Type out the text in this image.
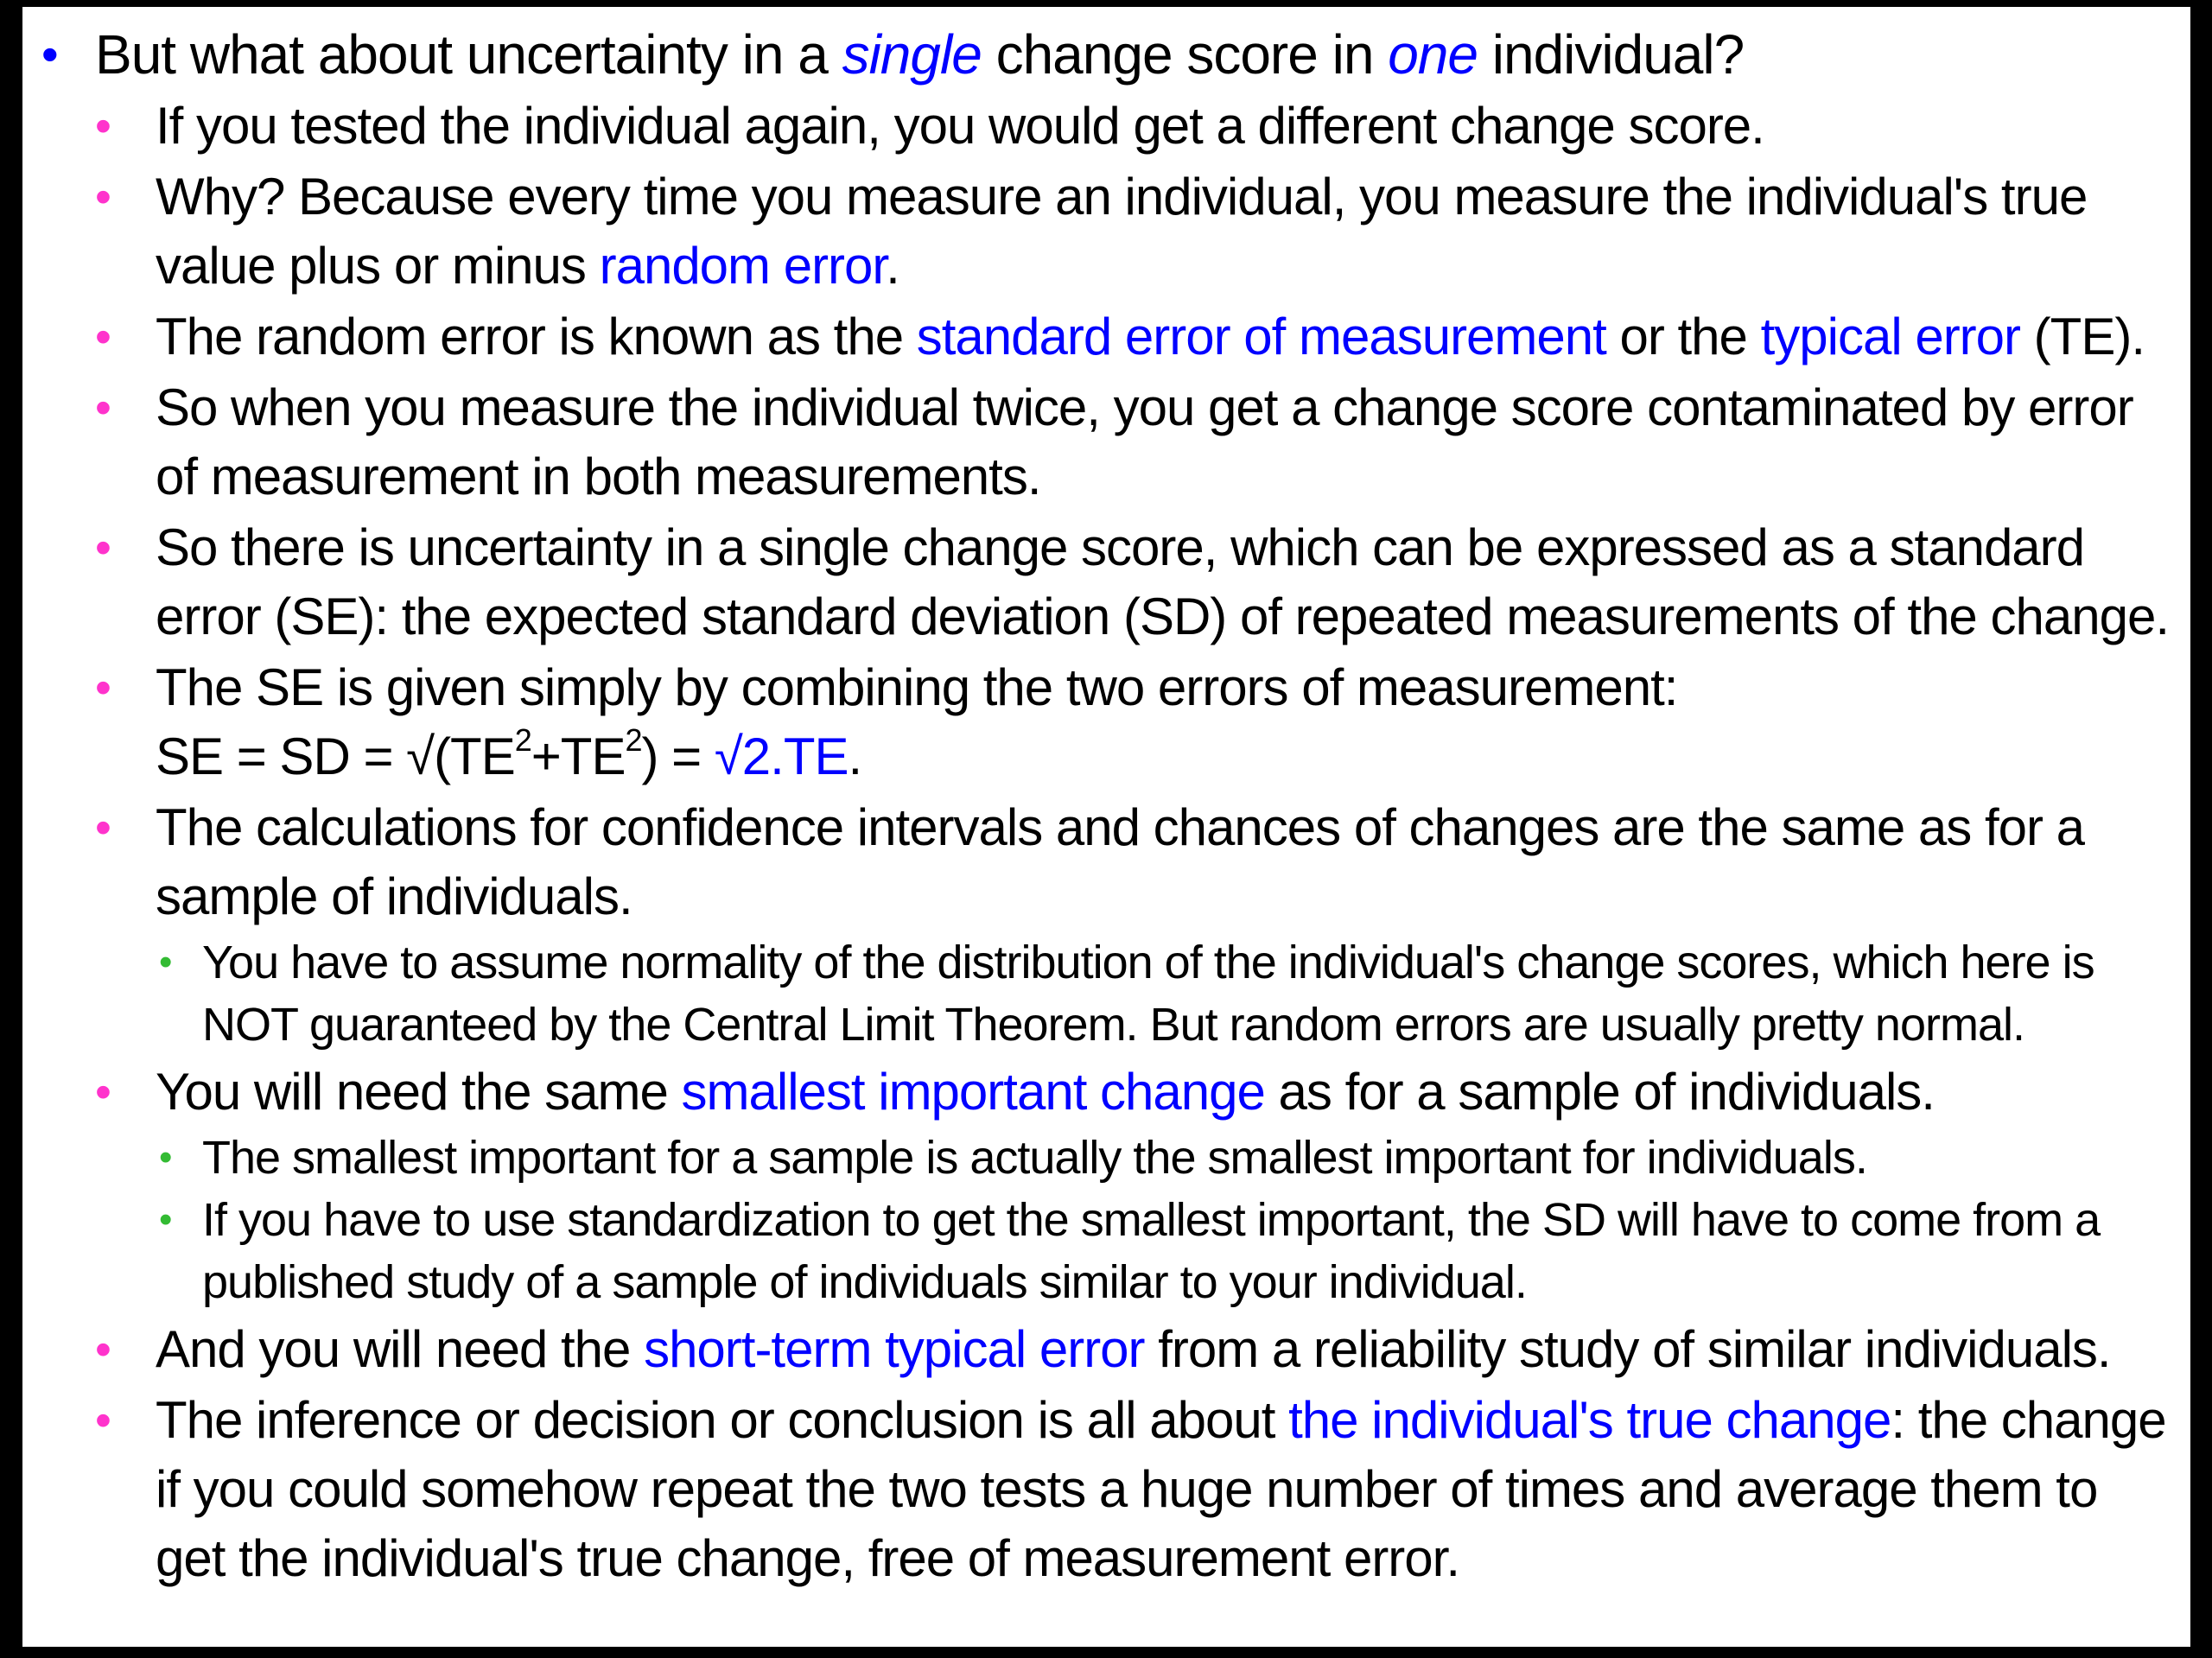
• But what about uncertainty in a single change score in one individual?
• If you tested the individual again, you would get a different change score.
• Why? Because every time you measure an individual, you measure the individual's true value plus or minus random error.
• The random error is known as the standard error of measurement or the typical error (TE).
• So when you measure the individual twice, you get a change score contaminated by error of measurement in both measurements.
• So there is uncertainty in a single change score, which can be expressed as a standard error (SE): the expected standard deviation (SD) of repeated measurements of the change.
• The SE is given simply by combining the two errors of measurement:
SE = SD = $√(TE^2+TE^2) = √2.TE$.
• The calculations for confidence intervals and chances of changes are the same as for a sample of individuals.
• You have to assume normality of the distribution of the individual's change scores, which here is NOT guaranteed by the Central Limit Theorem. But random errors are usually pretty normal.
• You will need the same smallest important change as for a sample of individuals.
• The smallest important for a sample is actually the smallest important for individuals.
• If you have to use standardization to get the smallest important, the SD will have to come from a published study of a sample of individuals similar to your individual.
• And you will need the short-term typical error from a reliability study of similar individuals.
• The inference or decision or conclusion is all about the individual's true change: the change if you could somehow repeat the two tests a huge number of times and average them to get the individual's true change, free of measurement error.
